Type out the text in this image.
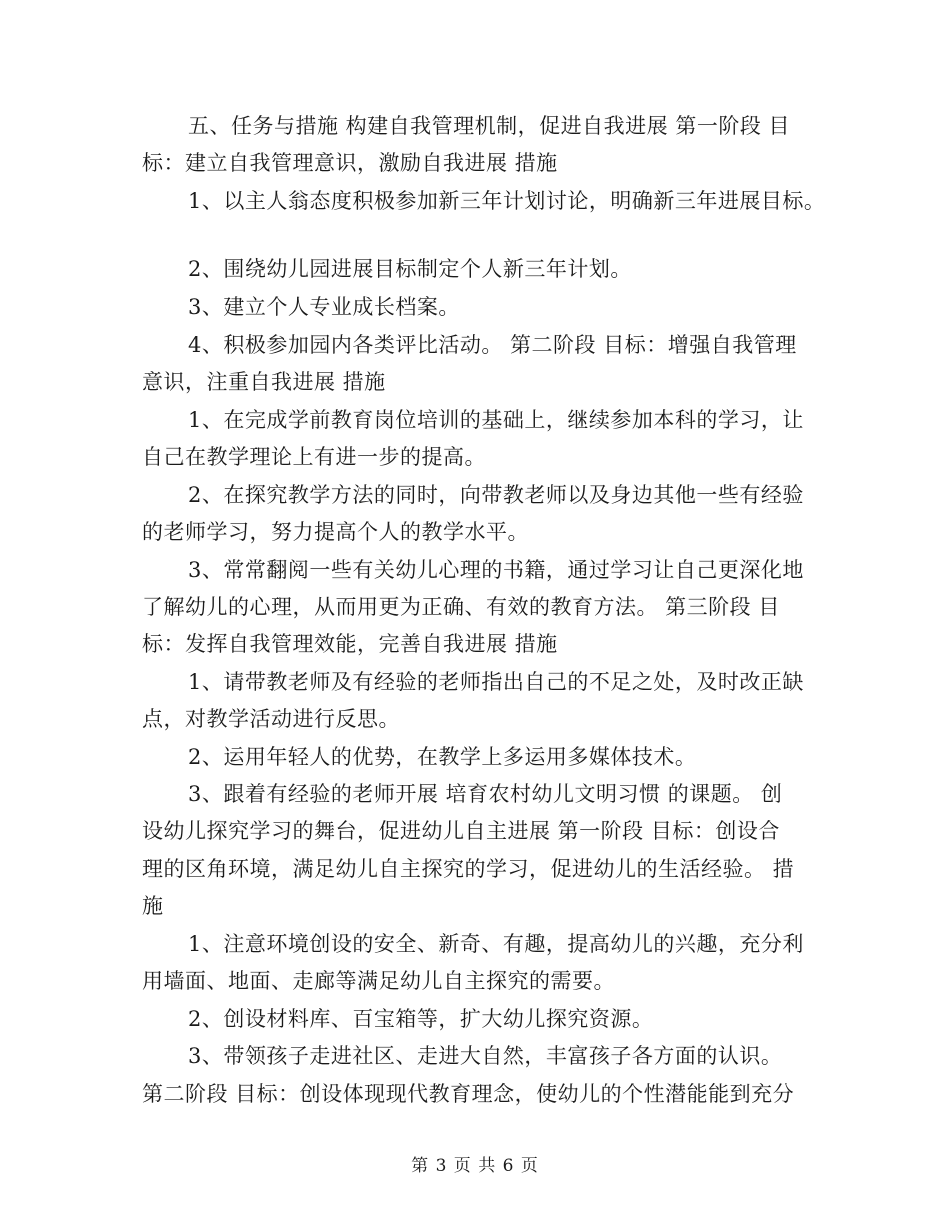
五、任务与措施 构建自我管理机制，促进自我进展 第一阶段 目
标：建立自我管理意识，激励自我进展 措施
1、以主人翁态度积极参加新三年计划讨论，明确新三年进展目标。
2、围绕幼儿园进展目标制定个人新三年计划。
3、建立个人专业成长档案。
4、积极参加园内各类评比活动。 第二阶段 目标：增强自我管理
意识，注重自我进展 措施
1、在完成学前教育岗位培训的基础上，继续参加本科的学习，让
自己在教学理论上有进一步的提高。
2、在探究教学方法的同时，向带教老师以及身边其他一些有经验
的老师学习，努力提高个人的教学水平。
3、常常翻阅一些有关幼儿心理的书籍，通过学习让自己更深化地
了解幼儿的心理，从而用更为正确、有效的教育方法。 第三阶段 目
标：发挥自我管理效能，完善自我进展 措施
1、请带教老师及有经验的老师指出自己的不足之处，及时改正缺
点，对教学活动进行反思。
2、运用年轻人的优势，在教学上多运用多媒体技术。
3、跟着有经验的老师开展 培育农村幼儿文明习惯 的课题。 创
设幼儿探究学习的舞台，促进幼儿自主进展 第一阶段 目标：创设合
理的区角环境，满足幼儿自主探究的学习，促进幼儿的生活经验。 措
施
1、注意环境创设的安全、新奇、有趣，提高幼儿的兴趣，充分利
用墙面、地面、走廊等满足幼儿自主探究的需要。
2、创设材料库、百宝箱等，扩大幼儿探究资源。
3、带领孩子走进社区、走进大自然，丰富孩子各方面的认识。
第二阶段 目标：创设体现现代教育理念，使幼儿的个性潜能能到充分
第 3 页 共 6 页
